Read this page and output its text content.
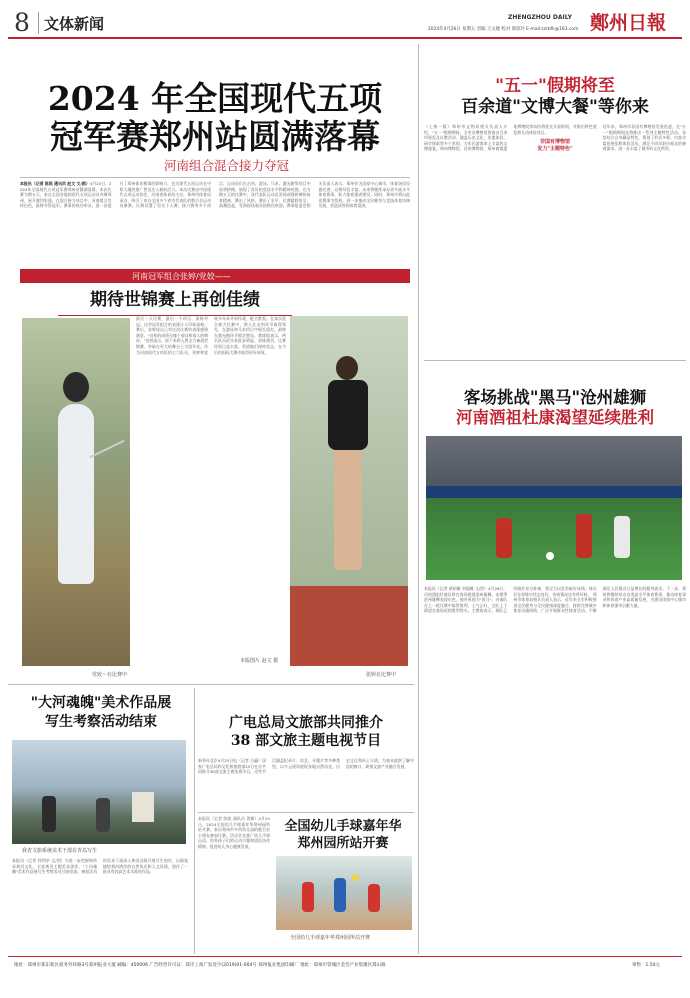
8 文体新闻	ZHENGZHOU DAILY 鄭州日報
2024年4月26日 星期五 责编 王文婕 校对 梁琼玲 E-mail:zzrbfk@163.com
2024 年全国现代五项
冠军赛郑州站圆满落幕
河南组合混合接力夺冠
本报讯（记者 陈凯 通讯员 赵文 文/图）4月25日，2024年全国现代五项冠军赛郑州站圆满落幕。本次比赛为期五天，来自全国各地的现代五项运动员齐聚郑州，展开激烈角逐。在混合接力项目中，河南组合发挥出色，最终夺得冠军。赛事的成功举办，进一步提升了郑州体育赛事的影响力，也为现代五项运动在中原大地的推广普及注入新的活力。本次比赛由中国现代五项运动协会、河南省体育局主办，郑州市体育局承办，吸引了来自全国多个省市代表队的数百名运动员参赛。比赛设置了男女个人赛、接力赛等多个项目，运动员们在击剑、游泳、马术、激光跑等项目中奋勇拼搏，展现了良好的竞技水平和精神风貌。在为期五天的比赛中，各代表队运动员发扬顽强拼搏的体育精神，赛出了风格，赛出了水平，比赛精彩纷呈，高潮迭起，受到现场观众的热烈欢迎。赛事组委会相关负责人表示，郑州作为国家中心城市，体育场馆设施完善，办赛经验丰富，未来将继续承办更多高水平体育赛事，助力体育强省建设。同时，郑州市将以此次赛事为契机，进一步推动全民健身与竞技体育协调发展，营造浓厚的体育氛围。
河南冠军组合张婷/党姣——
期待世锦赛上再创佳绩
最后一天比赛，最后一个项目，最终夺冠。这对冠军组合的表现让人印象深刻。赛后，张婷说自己对这次比赛的表现感到满意，"这样的成绩无愧于观众和家人的期待。"党姣表示，接下来两人将全力备战世锦赛，争取在更大的舞台上为国争光。作为河南现代五项队的主力队员，张婷和党姣多年来并肩作战，配合默契。在本次混合接力比赛中，两人在击剑环节取得领先，在游泳和马术项目中稳扎稳打，最终在激光跑环节锁定胜局。教练组表示，两名队员近年来进步明显，训练刻苦，比赛经验日益丰富，希望她们保持状态，在今后的国际大赛中取得更好成绩。
党姣～在比赛中
本版图片 赵文 摄
张婷在比赛中
"五一"假期将至
百余道"文博大餐"等你来
（上接一版）郑州市文物局相关负责人介绍，"五一"假期期间，全市各博物馆将推出百余项展览及社教活动，涵盖历史文化、非遗体验、研学探索等多个类别，为市民游客奉上丰富的文博盛宴。郑州博物馆、河南博物院、郑州商都遗址博物院等场馆将延长开放时间，并推出特色展览和互动体验项目。
非国有博物馆
发力"主题特色"
近年来，郑州市非国有博物馆发展迅速，在"五一"假期期间也将推出一系列主题特色活动。各馆结合自身藏品特色，策划了形式多样、内容丰富的展览和体验活动，满足不同年龄层观众的参观需求，进一步丰富了城市的文化供给。
客场挑战"黑马"沧州雄狮
河南酒祖杜康渴望延续胜利
本报讯（记者 黄昭晰 刘超峰 文/图）4月26日，河南酒祖杜康队将在客场挑战沧州雄狮。本赛季沧州雄狮表现出色，被外界视为"黑马"。河南队在上一轮比赛中取得胜利，士气正旺，全队上下渴望在客场延续胜利势头。主教练表示，球队已经做好充分准备，将全力以赴争取好成绩。球员们在训练中状态良好，伤病情况也有所好转。 郑州市体育局相关负责人表示，近年来全市积极推进全民健身与全民健康深度融合，持续完善城乡体育设施网络，广泛开展群众性体育活动，不断满足人民群众日益增长的健身需求。下一步，郑州将继续举办各类高水平体育赛事，推动体育事业和体育产业高质量发展，为建设国家中心城市和体育强市贡献力量。
"大河魂魄"美术作品展
写生考察活动结束
我省文旅系统美术干部在青岛写生
本报讯（记者 郭利亭 文/图）为进一步挖掘和传承黄河文化，丰富黄河主题美术创作，"大河魂魄"美术作品展写生考察活动日前结束。参加活动的美术干部深入黄河沿线开展写生创作，以画笔描绘黄河两岸的自然风光和人文风情，创作了一批具有较高艺术水准的作品。
广电总局文旅部共同推介
38 部文旅主题电视节目
新华社北京4月25日电（记者 白瀛）国家广电总局和文化和旅游部25日在京共同推介38部文旅主题电视节目，这些节目涵盖纪录片、综艺、专题片等多种类型，以多元视角展现各地自然风光、历史文化和风土人情，为观众提供了解中国的窗口，助推文旅产业融合发展。
本报讯（记者 陈凯 通讯员 贺峰）4月25日，2024全国幼儿手球嘉年华郑州园所站开赛。来自郑州市多所幼儿园的数百名小朋友参加比赛。活动旨在推广幼儿手球运动，培养孩子们的运动兴趣和团队协作精神，促进幼儿身心健康发展。
全国幼儿手球嘉年华
郑州园所站开赛
全国幼儿手球嘉年华郑州园所站开赛
地址：郑州市郑东新区商务外环路3号郑州报业大厦 邮编：450006 广告经营许可证：郑市工商广发登字(2019)01-004号 郑州报业集团印刷厂 地址：郑州市管城区金岱产业集聚区嵩山路	零售：1.50元
